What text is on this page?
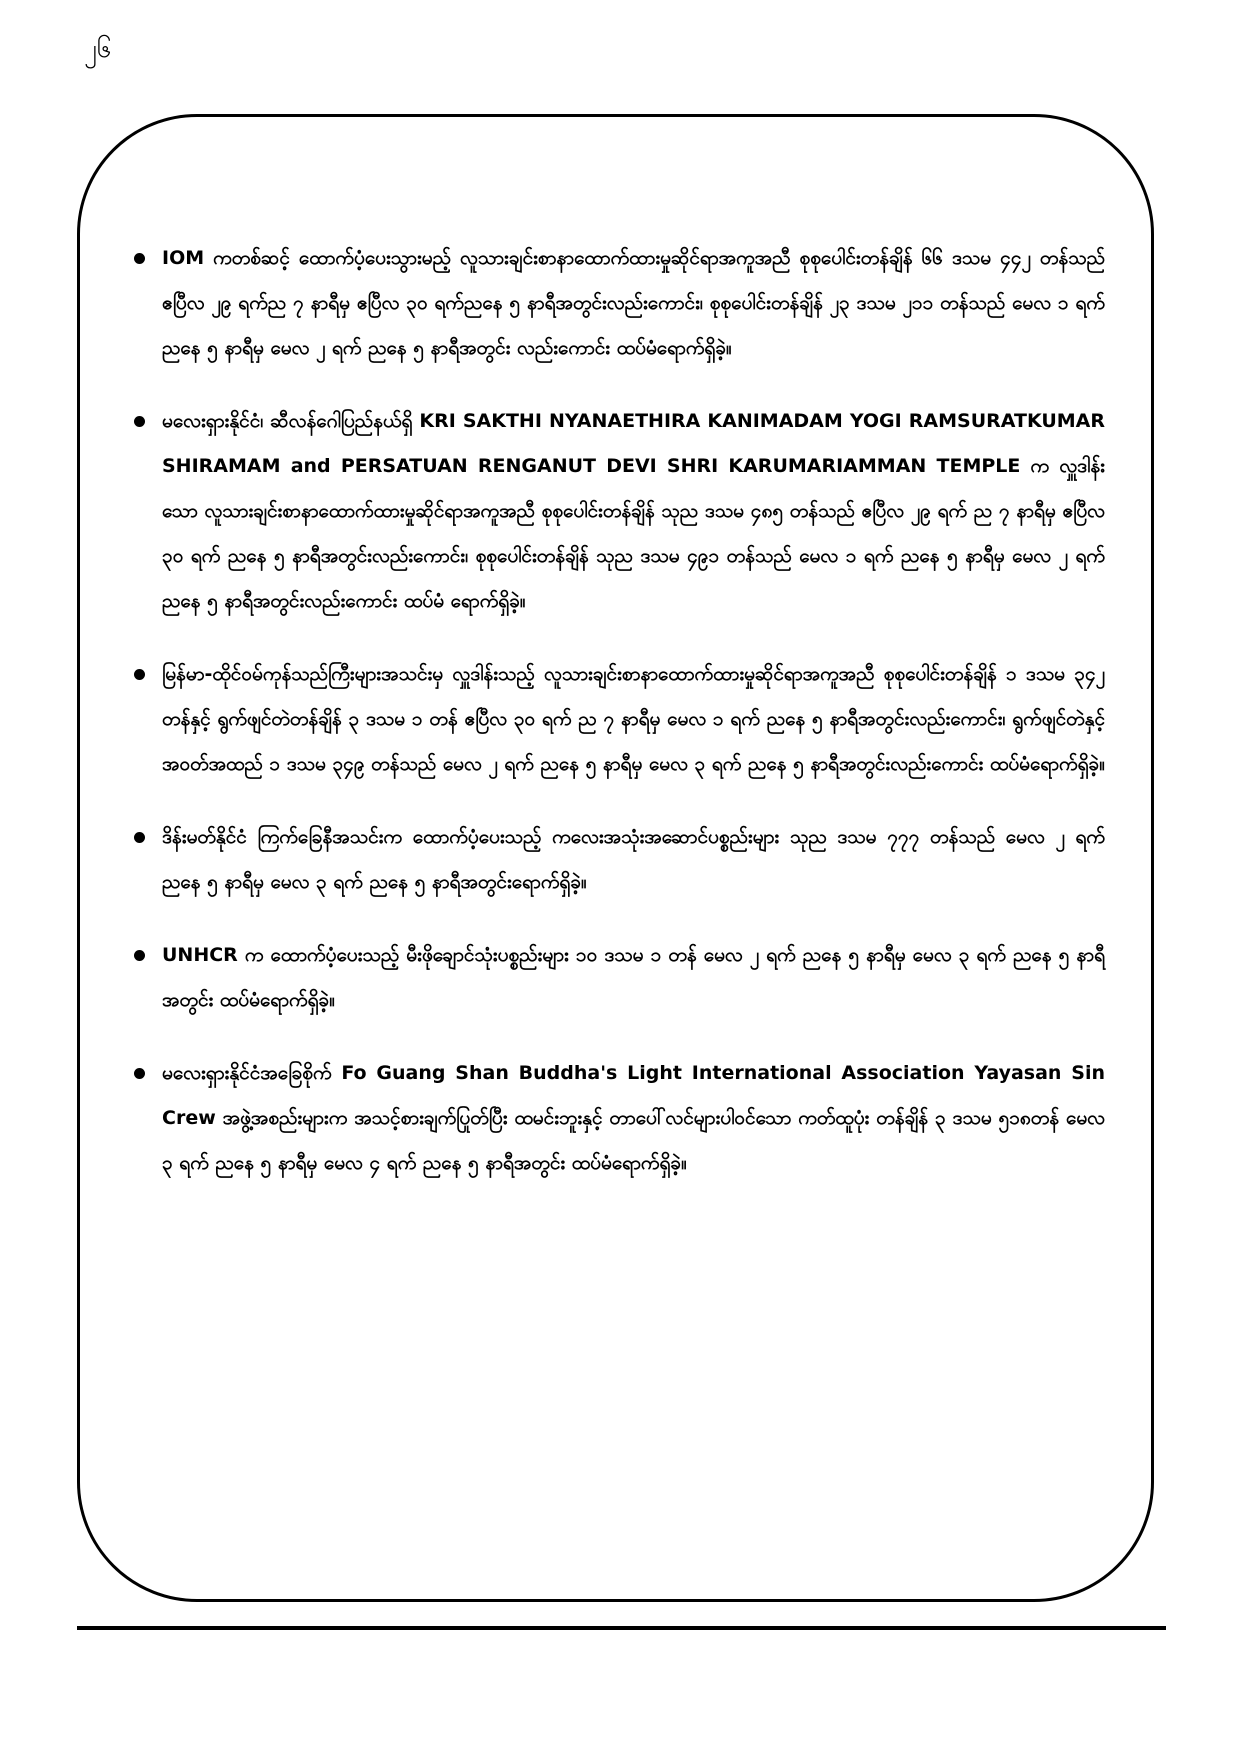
၂၆
IOM ကတစ်ဆင့် ထောက်ပံ့ပေးသွားမည့် လူသားချင်းစာနာထောက်ထားမှုဆိုင်ရာအကူအညီ စုစုပေါင်းတန်ချိန် ၆၆ ဒသမ ၄၄၂ တန်သည် ဧပြီလ ၂၉ ရက်ည ၇ နာရီမှ ဧပြီလ ၃၀ ရက်ညနေ ၅ နာရီအတွင်းလည်းကောင်း၊ စုစုပေါင်းတန်ချိန် ၂၃ ဒသမ ၂၁၁ တန်သည် မေလ ၁ ရက် ညနေ ၅ နာရီမှ မေလ ၂ ရက် ညနေ ၅ နာရီအတွင်း လည်းကောင်း ထပ်မံရောက်ရှိခဲ့။
မလေးရှားနိုင်ငံ၊ ဆီလန်ဂေါပြည်နယ်ရှိ KRI SAKTHI NYANAETHIRA KANIMADAM YOGI RAMSURATKUMAR SHIRAMAM and PERSATUAN RENGANUT DEVI SHRI KARUMARIAMMAN TEMPLE က လှူဒါန်းသော လူသားချင်းစာနာထောက်ထားမှုဆိုင်ရာအကူအညီ စုစုပေါင်းတန်ချိန် သုည ဒသမ ၄၈၅ တန်သည် ဧပြီလ ၂၉ ရက် ည ၇ နာရီမှ ဧပြီလ ၃၀ ရက် ညနေ ၅ နာရီအတွင်းလည်းကောင်း၊ စုစုပေါင်းတန်ချိန် သုည ဒသမ ၄၉၁ တန်သည် မေလ ၁ ရက် ညနေ ၅ နာရီမှ မေလ ၂ ရက် ညနေ ၅ နာရီအတွင်းလည်းကောင်း ထပ်မံ ရောက်ရှိခဲ့။
မြန်မာ-ထိုင်ဝမ်ကုန်သည်ကြီးများအသင်းမှ လှူဒါန်းသည့် လူသားချင်းစာနာထောက်ထားမှုဆိုင်ရာအကူအညီ စုစုပေါင်းတန်ချိန် ၁ ဒသမ ၃၄၂ တန်နှင့် ရွက်ဖျင်တဲတန်ချိန် ၃ ဒသမ ၁ တန် ဧပြီလ ၃၀ ရက် ည ၇ နာရီမှ မေလ ၁ ရက် ညနေ ၅ နာရီအတွင်းလည်းကောင်း၊ ရွက်ဖျင်တဲနှင့် အဝတ်အထည် ၁ ဒသမ ၃၄၉ တန်သည် မေလ ၂ ရက် ညနေ ၅ နာရီမှ မေလ ၃ ရက် ညနေ ၅ နာရီအတွင်းလည်းကောင်း ထပ်မံရောက်ရှိခဲ့။
ဒိန်းမတ်နိုင်ငံ ကြက်ခြေနီအသင်းက ထောက်ပံ့ပေးသည့် ကလေးအသုံးအဆောင်ပစ္စည်းများ သုည ဒသမ ၇၇၇ တန်သည် မေလ ၂ ရက် ညနေ ၅ နာရီမှ မေလ ၃ ရက် ညနေ ၅ နာရီအတွင်းရောက်ရှိခဲ့။
UNHCR က ထောက်ပံ့ပေးသည့် မီးဖိုချောင်သုံးပစ္စည်းများ ၁၀ ဒသမ ၁ တန် မေလ ၂ ရက် ညနေ ၅ နာရီမှ မေလ ၃ ရက် ညနေ ၅ နာရီအတွင်း ထပ်မံရောက်ရှိခဲ့။
မလေးရှားနိုင်ငံအခြေစိုက် Fo Guang Shan Buddha's Light International Association Yayasan Sin Crew အဖွဲ့အစည်းများက အသင့်စားချက်ပြုတ်ပြီး ထမင်းဘူးနှင့် တာပေါ်လင်များပါဝင်သော ကတ်ထူပုံး တန်ချိန် ၃ ဒသမ ၅၁၈တန် မေလ ၃ ရက် ညနေ ၅ နာရီမှ မေလ ၄ ရက် ညနေ ၅ နာရီအတွင်း ထပ်မံရောက်ရှိခဲ့။
